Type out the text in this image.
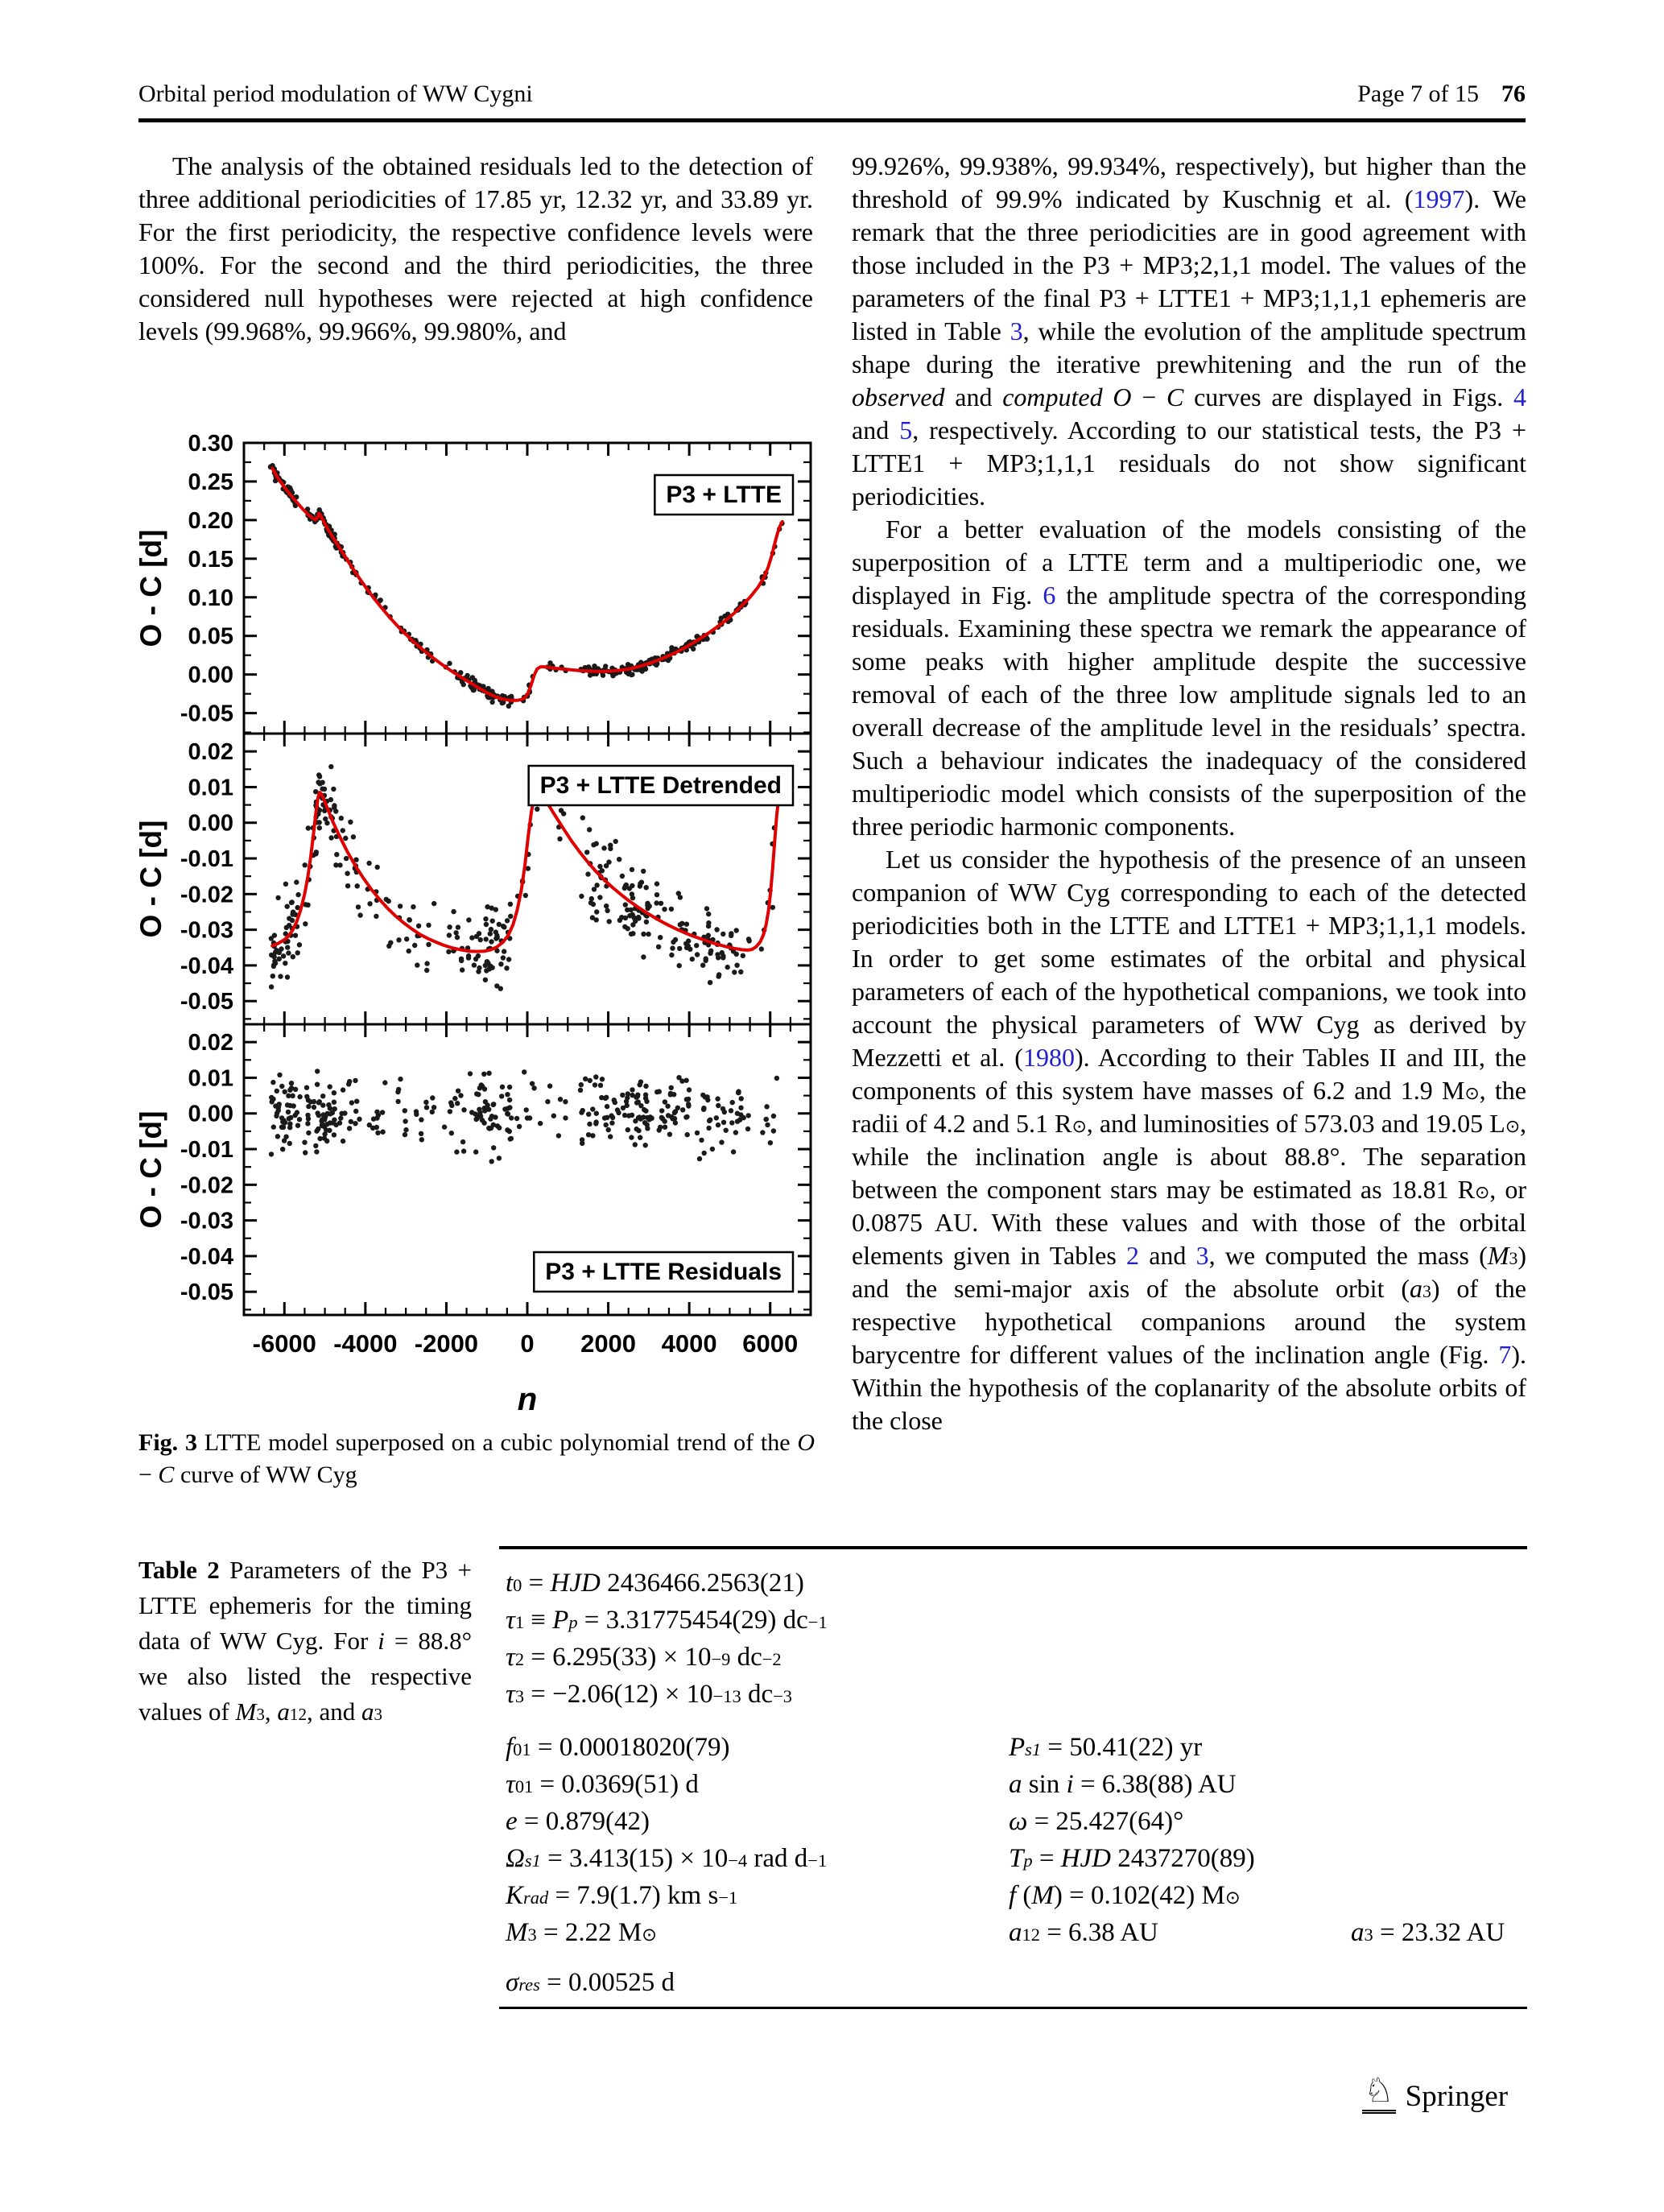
Orbital period modulation of WW Cygni	Page 7 of 15 76
The analysis of the obtained residuals led to the detection of three additional periodicities of 17.85 yr, 12.32 yr, and 33.89 yr. For the first periodicity, the respective confidence levels were 100%. For the second and the third periodicities, the three considered null hypotheses were rejected at high confidence levels (99.968%, 99.966%, 99.980%, and
0.30
0.25
0.20
0.15
0.10
0.05
0.00
-0.05
O - C [d]
P3 + LTTE
0.02
0.01
0.00
-0.01
-0.02
-0.03
-0.04
-0.05
O - C [d]
P3 + LTTE Detrended
-6000 -4000 -2000 0 2000 4000 6000
0.02
0.01
0.00
-0.01
-0.02
-0.03
-0.04
-0.05
O - C [d]
P3 + LTTE Residuals
n
Fig. 3 LTTE model superposed on a cubic polynomial trend of the O − C curve of WW Cyg
99.926%, 99.938%, 99.934%, respectively), but higher than the threshold of 99.9% indicated by Kuschnig et al. (1997). We remark that the three periodicities are in good agreement with those included in the P3 + MP3;2,1,1 model. The values of the parameters of the final P3 + LTTE1 + MP3;1,1,1 ephemeris are listed in Table 3, while the evolution of the amplitude spectrum shape during the iterative prewhitening and the run of the observed and computed O − C curves are displayed in Figs. 4 and 5, respectively. According to our statistical tests, the P3 + LTTE1 + MP3;1,1,1 residuals do not show significant periodicities.
For a better evaluation of the models consisting of the superposition of a LTTE term and a multiperiodic one, we displayed in Fig. 6 the amplitude spectra of the corresponding residuals. Examining these spectra we remark the appearance of some peaks with higher amplitude despite the successive removal of each of the three low amplitude signals led to an overall decrease of the amplitude level in the residuals’ spectra. Such a behaviour indicates the inadequacy of the considered multiperiodic model which consists of the superposition of the three periodic harmonic components.
Let us consider the hypothesis of the presence of an unseen companion of WW Cyg corresponding to each of the detected periodicities both in the LTTE and LTTE1 + MP3;1,1,1 models. In order to get some estimates of the orbital and physical parameters of each of the hypothetical companions, we took into account the physical parameters of WW Cyg as derived by Mezzetti et al. (1980). According to their Tables II and III, the components of this system have masses of 6.2 and 1.9 M⊙, the radii of 4.2 and 5.1 R⊙, and luminosities of 573.03 and 19.05 L⊙, while the inclination angle is about 88.8°. The separation between the component stars may be estimated as 18.81 R⊙, or 0.0875 AU. With these values and with those of the orbital elements given in Tables 2 and 3, we computed the mass (M3) and the semi-major axis of the absolute orbit (a3) of the respective hypothetical companions around the system barycentre for different values of the inclination angle (Fig. 7). Within the hypothesis of the coplanarity of the absolute orbits of the close
Table 2 Parameters of the P3 + LTTE ephemeris for the timing data of WW Cyg. For i = 88.8° we also listed the respective values of M3, a12, and a3
t0 = HJD 2436466.2563(21)
τ1 ≡ Pp = 3.31775454(29) $dc^{-1}$
$\tau 2 = 6.295(33) \times 10^{-9}$ $dc^{-2}$
$\tau 3 = -2.06(12) \times 10^{-13}$ $dc^{-3}$
f01 = 0.00018020(79)
τ01 = 0.0369(51) d
e = 0.879(42)
$\Omega s1 = 3.413(15) \times 10^{-4}$ rad $d^{-1}$
Krad = 7.9(1.7) km $s^{-1}$
M3 = 2.22 M⊙
σres = 0.00525 d
Ps1 = 50.41(22) yr
a sin i = 6.38(88) AU
ω = 25.427(64)°
Tp = HJD 2437270(89)
f (M) = 0.102(42) M⊙
a12 = 6.38 AU	a3 = 23.32 AU
♘ Springer
